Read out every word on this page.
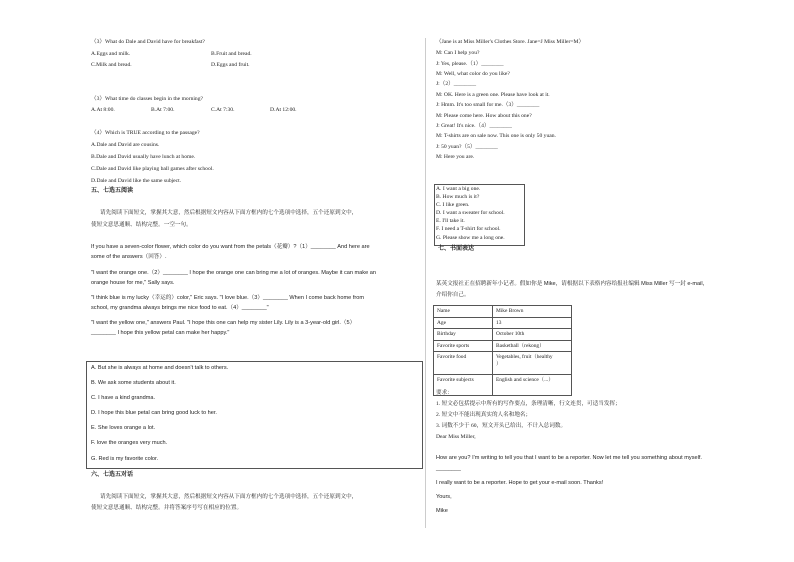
（3）What do Dale and David have for breakfast?
A.Eggs and milk.	B.Fruit and bread.
C.Milk and bread.	D.Eggs and fruit.
（3）What time do classes begin in the morning?
A.At 8:00.	B.At 7:00.	C.At 7:30.	D.At 12:00.
（4）Which is TRUE according to the passage?
A.Dale and David are cousins.
B.Dale and David usually have lunch at home.
C.Dale and David like playing ball games after school.
D.Dale and David like the same subject.
五、七选五阅读
请先阅读下面短文，掌握其大意，然后根据短文内容从下面方框内的七个选项中选择，五个还原到文中，
使短文意思通顺、结构完整。一空一句。
If you have a seven-color flower, which color do you want from the petals（花瓣）?（1）________ And here are
some of the answers（回答）.
"I want the orange one.（2）________ I hope the orange one can bring me a lot of oranges. Maybe it can make an
orange house for me," Sally says.
"I think blue is my lucky（幸运的）color," Eric says. "I love blue.（3）________ When I come back home from
school, my grandma always brings me nice food to eat.（4）________"
"I want the yellow one," answers Paul. "I hope this one can help my sister Lily. Lily is a 3-year-old girl.（5）
________ I hope this yellow petal can make her happy."
A. But she is always at home and doesn't talk to others.
B. We ask some students about it.
C. I have a kind grandma.
D. I hope this blue petal can bring good luck to her.
E. She loves orange a lot.
F. love the oranges very much.
G. Red is my favorite color.
六、七选五对话
请先阅读下面短文，掌握其大意，然后根据短文内容从下面方框内的七个选项中选择，五个还原到文中，
使短文意思通顺、结构完整。并将答案序号写在相应的位置。
（Jane is at Miss Miller's Clothes Store. Jane=J Miss Miller=M）
M: Can I help you?
J: Yes, please.（1）________
M: Well, what color do you like?
J:（2）________
M: OK. Here is a green one. Please have look at it.
J: Hmm. It's too small for me.（3）________
M: Please come here. How about this one?
J: Great! It's nice.（4）________
M: T-shirts are on sale now. This one is only 50 yuan.
J: 50 yuan?（5）________
M: Here you are.
A. I want a big one.
B. How much is it?
C. I like green.
D. I want a sweater for school.
E. I'll take it.
F. I need a T-shirt for school.
G. Please show me a long one.
七、书面表达
某英文报社正在招聘新年小记者。假如你是 Mike，请根据以下表格内容给报社编辑 Miss Miller 写一封 e-mail，
介绍你自己。
Name	Mike Brown
Age	13
Birthday	October 10th
Favorite sports	Basketball（rekong）
Favorite food	Vegetables, fruit（healthy
）

Favorite subjects	English and science（...）
要求：
1. 短文必包括提示中所有的写作要点，条理清晰，行文连贯，可适当发挥；
2. 短文中不能出现真实的人名和地名；
3. 词数不少于 60，短文开头已给出，不计入总词数。
Dear Miss Miller,
How are you? I'm writing to tell you that I want to be a reporter. Now let me tell you something about myself.
________
I really want to be a reporter. Hope to get your e-mail soon. Thanks!
Yours,
Mike
